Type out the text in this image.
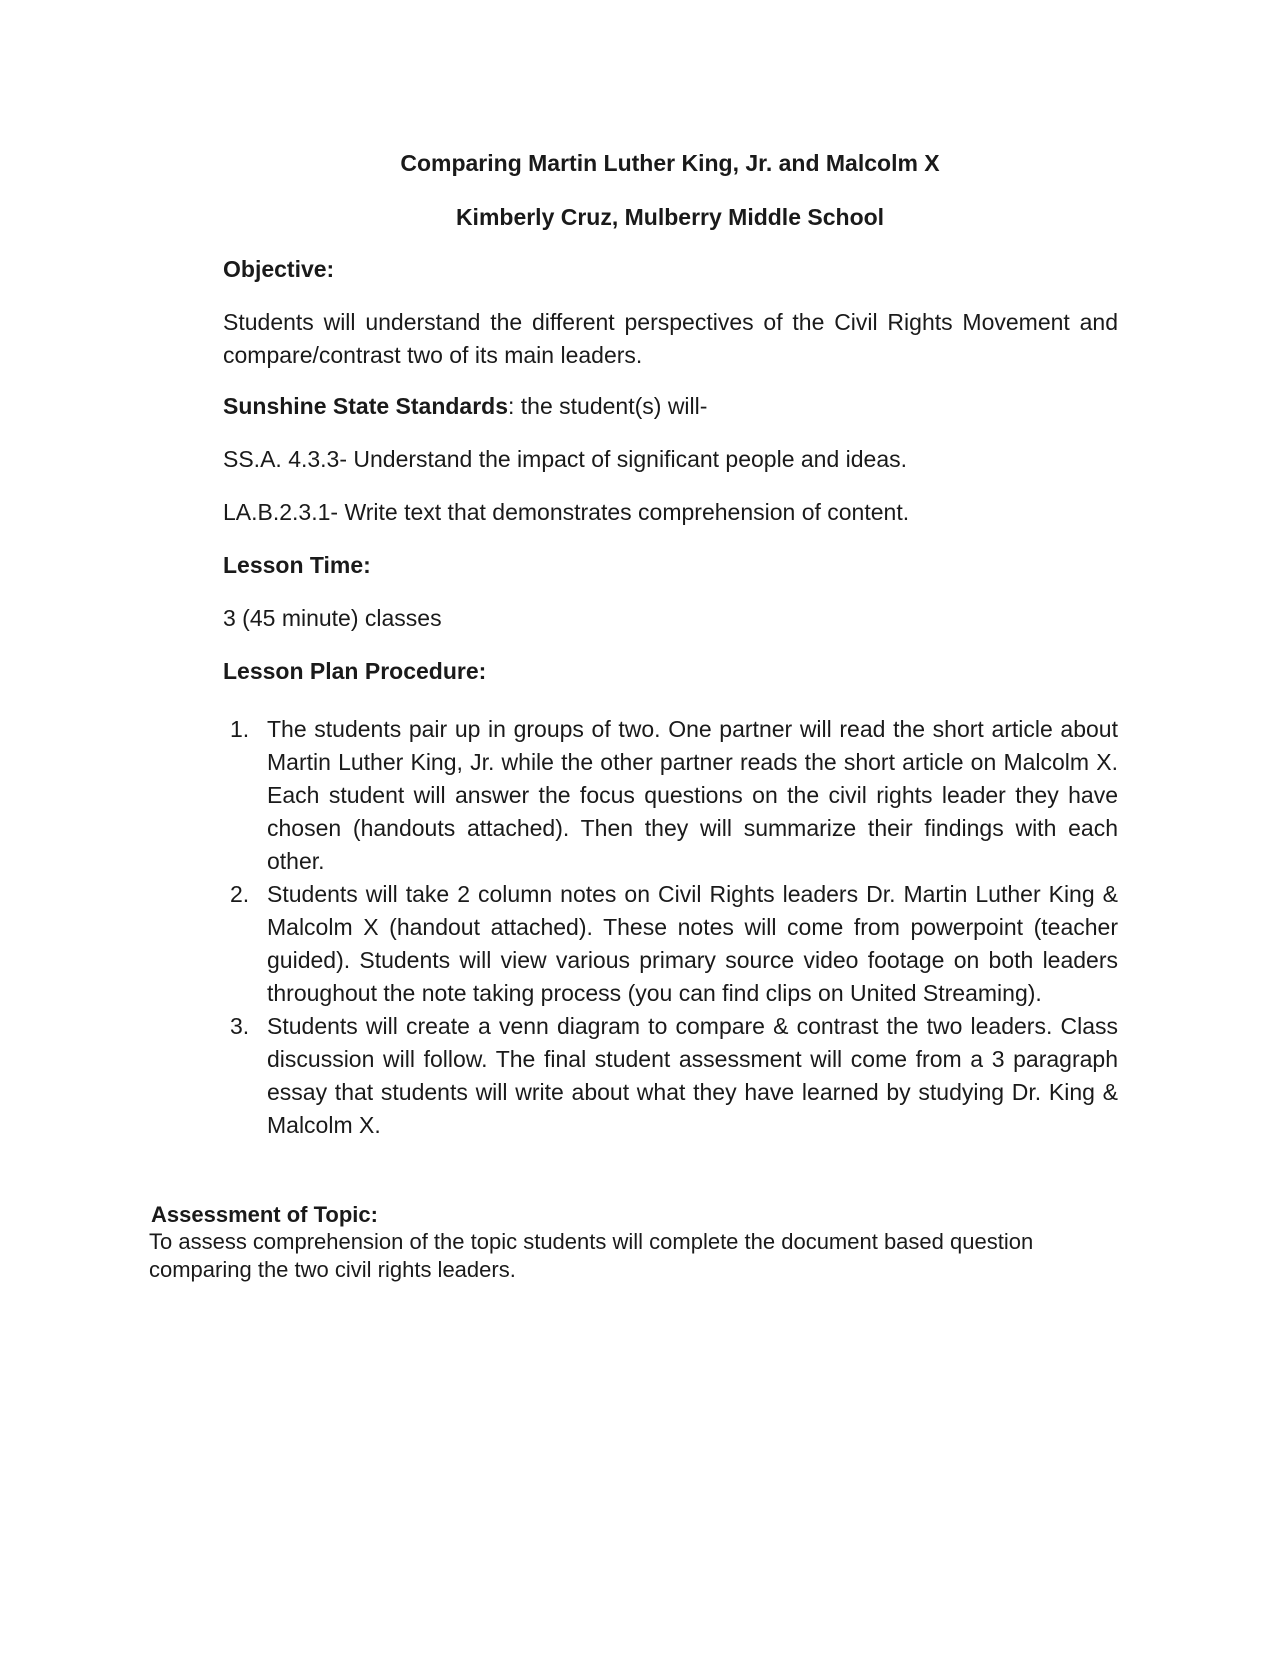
Comparing Martin Luther King, Jr. and Malcolm X
Kimberly Cruz, Mulberry Middle School
Objective:
Students will understand the different perspectives of the Civil Rights Movement and compare/contrast two of its main leaders.
Sunshine State Standards: the student(s) will-
SS.A. 4.3.3- Understand the impact of significant people and ideas.
LA.B.2.3.1- Write text that demonstrates comprehension of content.
Lesson Time:
3 (45 minute) classes
Lesson Plan Procedure:
1. The students pair up in groups of two. One partner will read the short article about Martin Luther King, Jr. while the other partner reads the short article on Malcolm X. Each student will answer the focus questions on the civil rights leader they have chosen (handouts attached). Then they will summarize their findings with each other.
2. Students will take 2 column notes on Civil Rights leaders Dr. Martin Luther King & Malcolm X (handout attached). These notes will come from powerpoint (teacher guided). Students will view various primary source video footage on both leaders throughout the note taking process (you can find clips on United Streaming).
3. Students will create a venn diagram to compare & contrast the two leaders. Class discussion will follow. The final student assessment will come from a 3 paragraph essay that students will write about what they have learned by studying Dr. King & Malcolm X.
Assessment of Topic:
To assess comprehension of the topic students will complete the document based question comparing the two civil rights leaders.
